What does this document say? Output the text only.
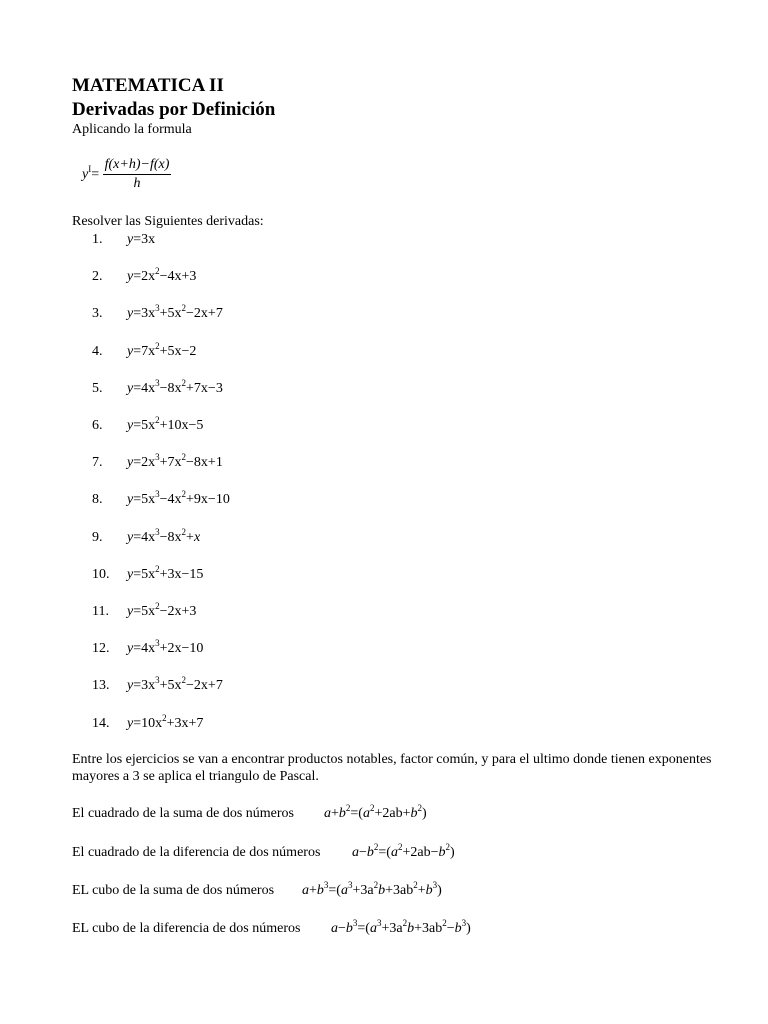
MATEMATICA II
Derivadas por Definición
Aplicando la formula
$y^I= \frac{f(x+h)-f(x)}{h}$
Resolver las Siguientes derivadas:
1. y=3x
2. $y=2x^2-4x+3$
3. $y=3x^3+5x^2-2x+7$
4. $y=7x^2+5x-2$
5. $y=4x^3-8x^2+7x-3$
6. $y=5x^2+10x-5$
7. $y=2x^3+7x^2-8x+1$
8. $y=5x^3-4x^2+9x-10$
9. $y=4x^3-8x^2+x$
10. $y=5x^2+3x-15$
11. $y=5x^2-2x+3$
12. $y=4x^3+2x-10$
13. $y=3x^3+5x^2-2x+7$
14. $y=10x^2+3x+7$
Entre los ejercicios se van a encontrar productos notables, factor común, y para el ultimo donde tienen exponentes mayores a 3 se aplica el triangulo de Pascal.
El cuadrado de la suma de dos números $a+b^2=(a^2+2ab+b^2)$
El cuadrado de la diferencia de dos números $a-b^2=(a^2+2ab-b^2)$
EL cubo de la suma de dos números $a+b^3=(a^3+3a^2b+3ab^2+b^3)$
EL cubo de la diferencia de dos números $a-b^3=(a^3+3a^2b+3ab^2-b^3)$
